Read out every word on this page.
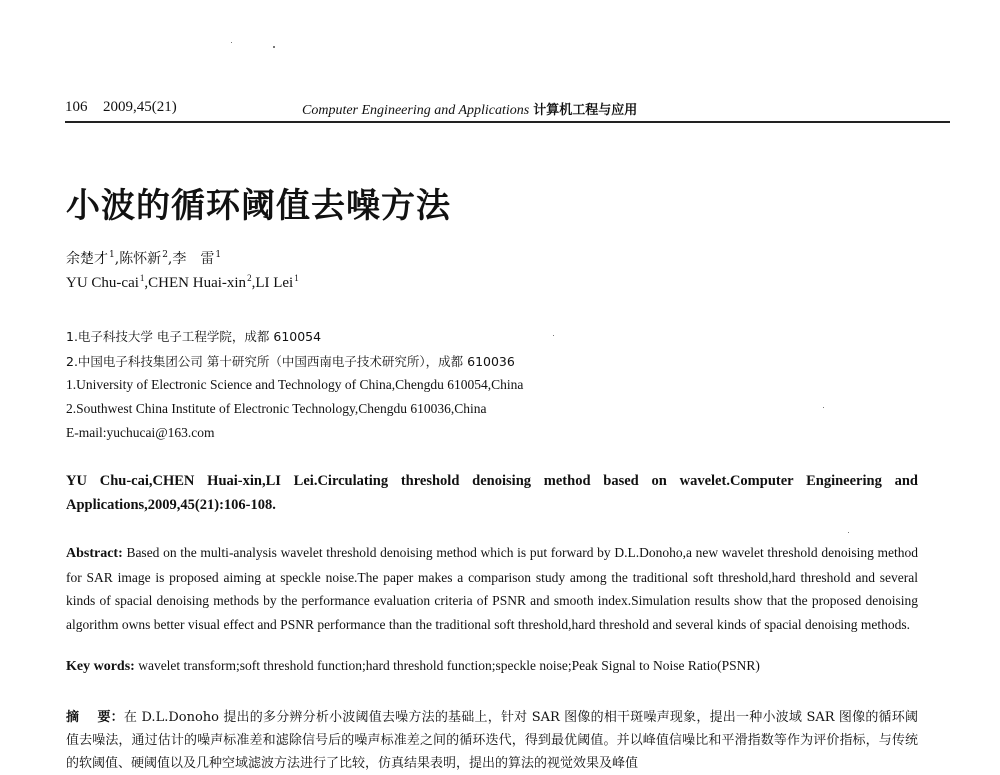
106 2009,45(21)	Computer Engineering and Applications 计算机工程与应用
小波的循环阈值去噪方法
余楚才$^1$,陈怀新$^2$,李　雷$^1$
YU Chu-cai$^1$,CHEN Huai-xin$^2$,LI Lei$^1$
1.电子科技大学 电子工程学院，成都 610054
2.中国电子科技集团公司 第十研究所（中国西南电子技术研究所），成都 610036
1.University of Electronic Science and Technology of China,Chengdu 610054,China
2.Southwest China Institute of Electronic Technology,Chengdu 610036,China
E-mail:yuchucai@163.com
YU Chu-cai,CHEN Huai-xin,LI Lei.Circulating threshold denoising method based on wavelet.Computer Engineering and Applications,2009,45(21):106-108.
Abstract: Based on the multi-analysis wavelet threshold denoising method which is put forward by D.L.Donoho,a new wavelet threshold denoising method for SAR image is proposed aiming at speckle noise.The paper makes a comparison study among the traditional soft threshold,hard threshold and several kinds of spacial denoising methods by the performance evaluation criteria of PSNR and smooth index.Simulation results show that the proposed denoising algorithm owns better visual effect and PSNR performance than the traditional soft threshold,hard threshold and several kinds of spacial denoising methods.
Key words: wavelet transform;soft threshold function;hard threshold function;speckle noise;Peak Signal to Noise Ratio(PSNR)
摘 要：在 D.L.Donoho 提出的多分辨分析小波阈值去噪方法的基础上，针对 SAR 图像的相干斑噪声现象，提出一种小波域 SAR 图像的循环阈值去噪法，通过估计的噪声标准差和滤除信号后的噪声标准差之间的循环迭代，得到最优阈值。并以峰值信噪比和平滑指数等作为评价指标，与传统的软阈值、硬阈值以及几种空域滤波方法进行了比较，仿真结果表明，提出的算法的视觉效果及峰值
